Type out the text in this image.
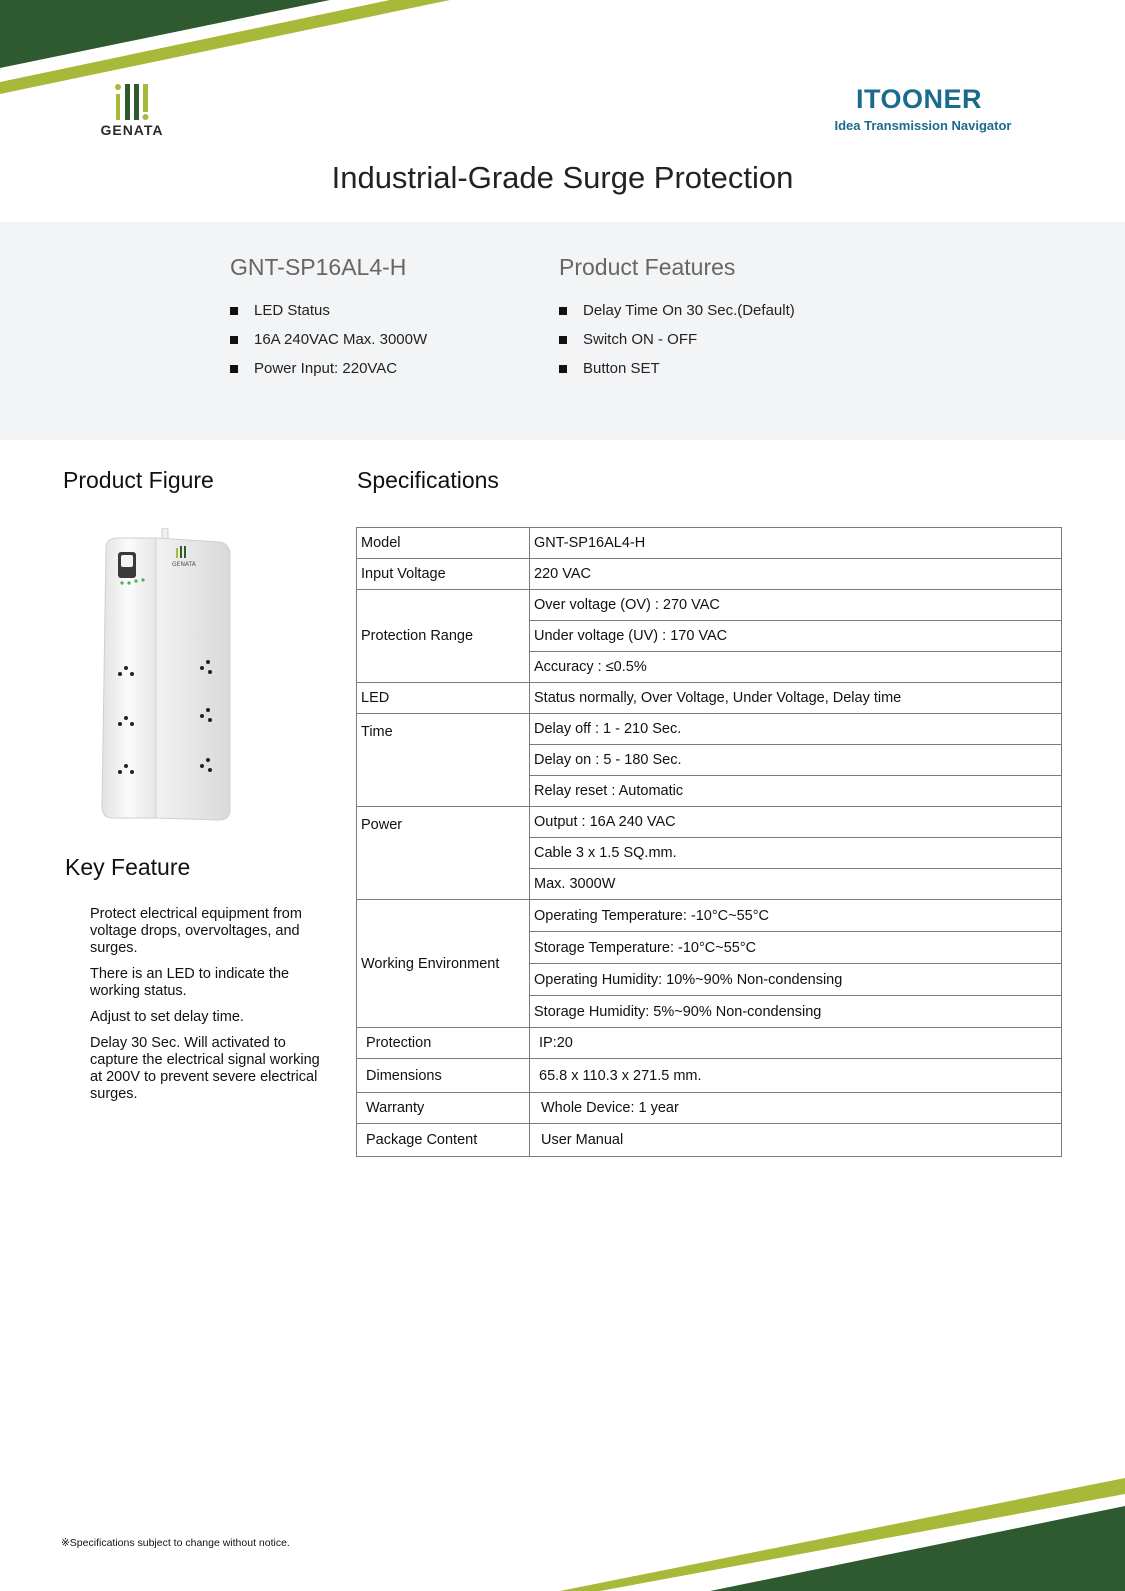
GENATA
ITOONER
Idea Transmission Navigator
Industrial-Grade Surge Protection
GNT-SP16AL4-H
LED Status
16A 240VAC Max. 3000W
Power Input: 220VAC
Product Features
Delay Time On 30 Sec.(Default)
Switch ON - OFF
Button SET
Product Figure
GENATA
Key Feature

Protect electrical equipment from voltage drops, overvoltages, and surges.

There is an LED to indicate the working status.

Adjust to set delay time.

Delay 30 Sec. Will activated to capture the electrical signal working at 200V to prevent severe electrical surges.

Specifications
Model	GNT-SP16AL4-H
Input Voltage	220 VAC
Protection Range	Over voltage (OV) : 270 VAC
	Under voltage (UV) : 170 VAC
	Accuracy : ≤0.5%
LED	Status normally, Over Voltage, Under Voltage, Delay time
Time	Delay off : 1 - 210 Sec.
	Delay on : 5 - 180 Sec.
	Relay reset : Automatic
Power	Output : 16A 240 VAC
	Cable 3 x 1.5 SQ.mm.
	Max. 3000W
Working Environment	Operating Temperature: -10°C~55°C
	Storage Temperature: -10°C~55°C
	Operating Humidity: 10%~90% Non-condensing
	Storage Humidity: 5%~90% Non-condensing
Protection	IP:20
Dimensions	65.8 x 110.3 x 271.5 mm.
Warranty	Whole Device: 1 year
Package Content	User Manual
※Specifications subject to change without notice.
